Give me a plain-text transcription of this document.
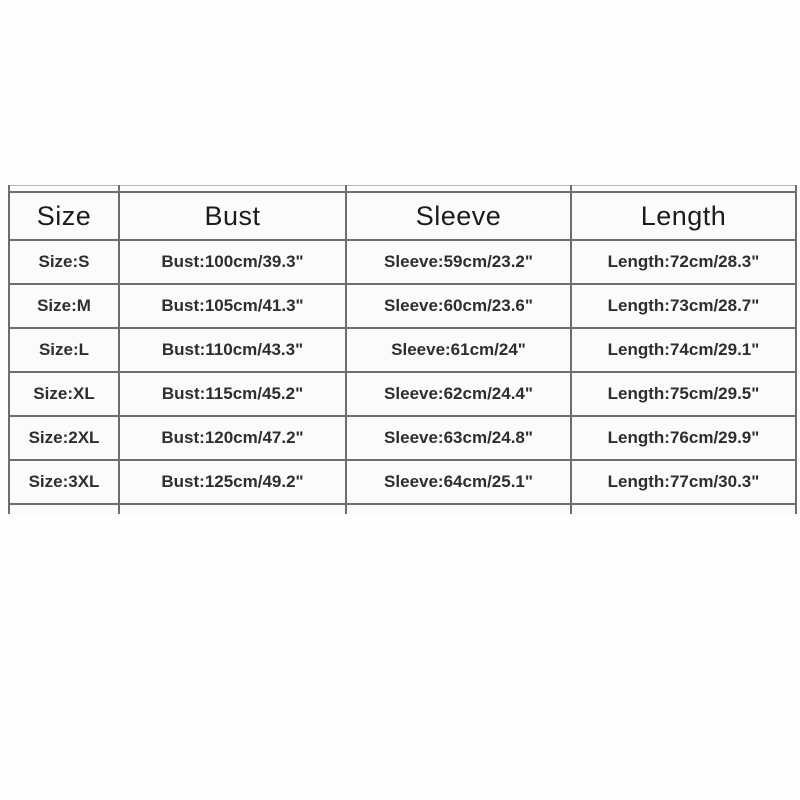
Size	Bust	Sleeve	Length
Size:S	Bust:100cm/39.3"	Sleeve:59cm/23.2"	Length:72cm/28.3"
Size:M	Bust:105cm/41.3"	Sleeve:60cm/23.6"	Length:73cm/28.7"
Size:L	Bust:110cm/43.3"	Sleeve:61cm/24"	Length:74cm/29.1"
Size:XL	Bust:115cm/45.2"	Sleeve:62cm/24.4"	Length:75cm/29.5"
Size:2XL	Bust:120cm/47.2"	Sleeve:63cm/24.8"	Length:76cm/29.9"
Size:3XL	Bust:125cm/49.2"	Sleeve:64cm/25.1"	Length:77cm/30.3"
